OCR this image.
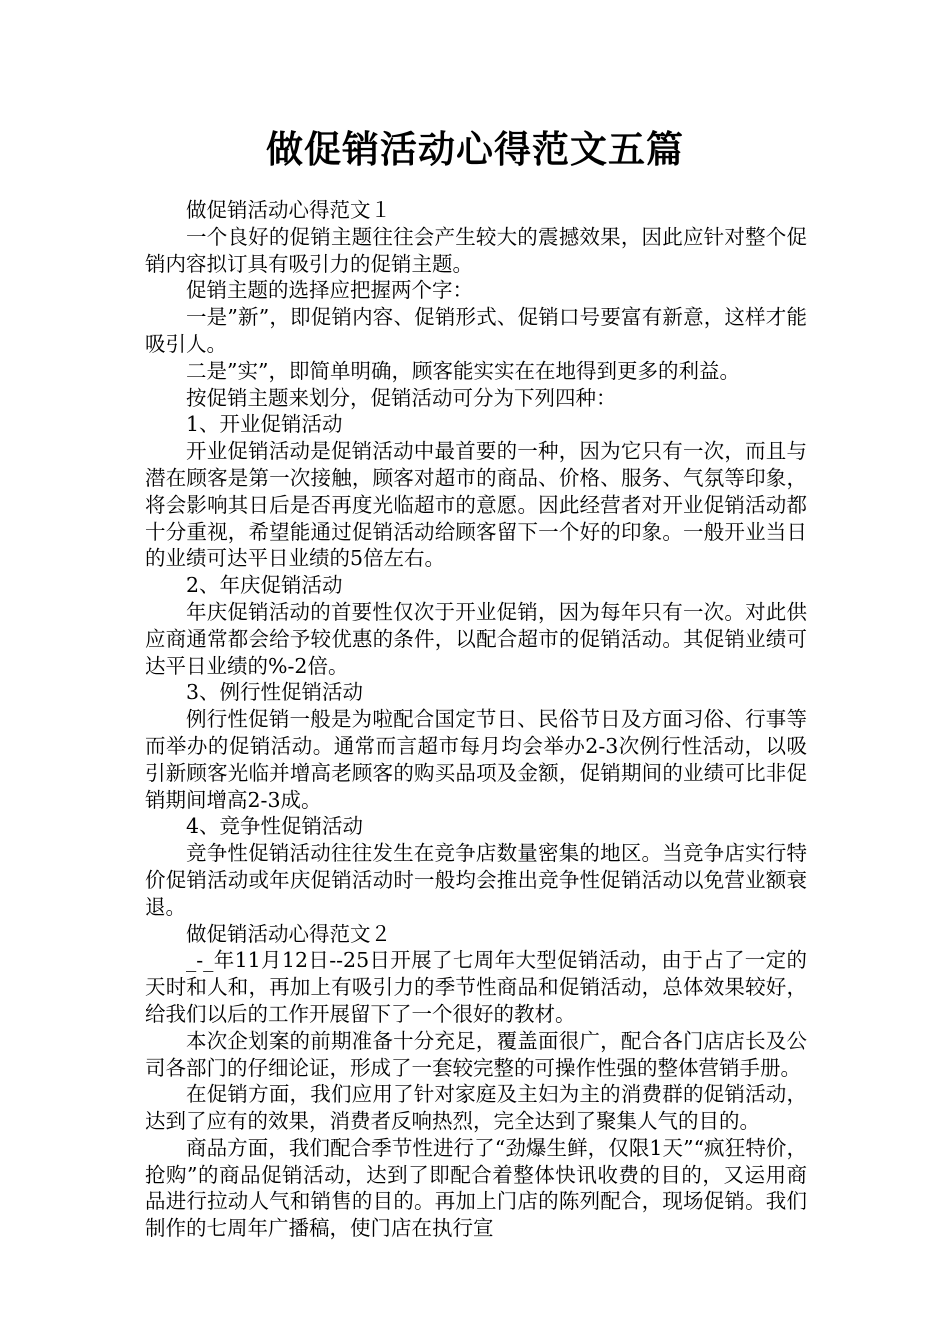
做促销活动心得范文五篇

做促销活动心得范文１

一个良好的促销主题往往会产生较大的震撼效果，因此应针对整个促销内容拟订具有吸引力的促销主题。

促销主题的选择应把握两个字：

一是”新”，即促销内容、促销形式、促销口号要富有新意，这样才能吸引人。

二是”实”，即简单明确，顾客能实实在在地得到更多的利益。

按促销主题来划分，促销活动可分为下列四种：

1、开业促销活动

开业促销活动是促销活动中最首要的一种，因为它只有一次，而且与潜在顾客是第一次接触，顾客对超市的商品、价格、服务、气氛等印象，将会影响其日后是否再度光临超市的意愿。因此经营者对开业促销活动都十分重视，希望能通过促销活动给顾客留下一个好的印象。一般开业当日的业绩可达平日业绩的5倍左右。

2、年庆促销活动

年庆促销活动的首要性仅次于开业促销，因为每年只有一次。对此供应商通常都会给予较优惠的条件，以配合超市的促销活动。其促销业绩可达平日业绩的%-2倍。

3、例行性促销活动

例行性促销一般是为啦配合国定节日、民俗节日及方面习俗、行事等而举办的促销活动。通常而言超市每月均会举办2-3次例行性活动，以吸引新顾客光临并增高老顾客的购买品项及金额，促销期间的业绩可比非促销期间增高2-3成。

4、竞争性促销活动

竞争性促销活动往往发生在竞争店数量密集的地区。当竞争店实行特价促销活动或年庆促销活动时一般均会推出竞争性促销活动以免营业额衰退。

做促销活动心得范文２

_-_年11月12日--25日开展了七周年大型促销活动，由于占了一定的天时和人和，再加上有吸引力的季节性商品和促销活动，总体效果较好，给我们以后的工作开展留下了一个很好的教材。

本次企划案的前期准备十分充足，覆盖面很广，配合各门店店长及公司各部门的仔细论证，形成了一套较完整的可操作性强的整体营销手册。

在促销方面，我们应用了针对家庭及主妇为主的消费群的促销活动，达到了应有的效果，消费者反响热烈，完全达到了聚集人气的目的。

商品方面，我们配合季节性进行了“劲爆生鲜，仅限1天”“疯狂特价，抢购”的商品促销活动，达到了即配合着整体快讯收费的目的，又运用商品进行拉动人气和销售的目的。再加上门店的陈列配合，现场促销。我们制作的七周年广播稿，使门店在执行宣
